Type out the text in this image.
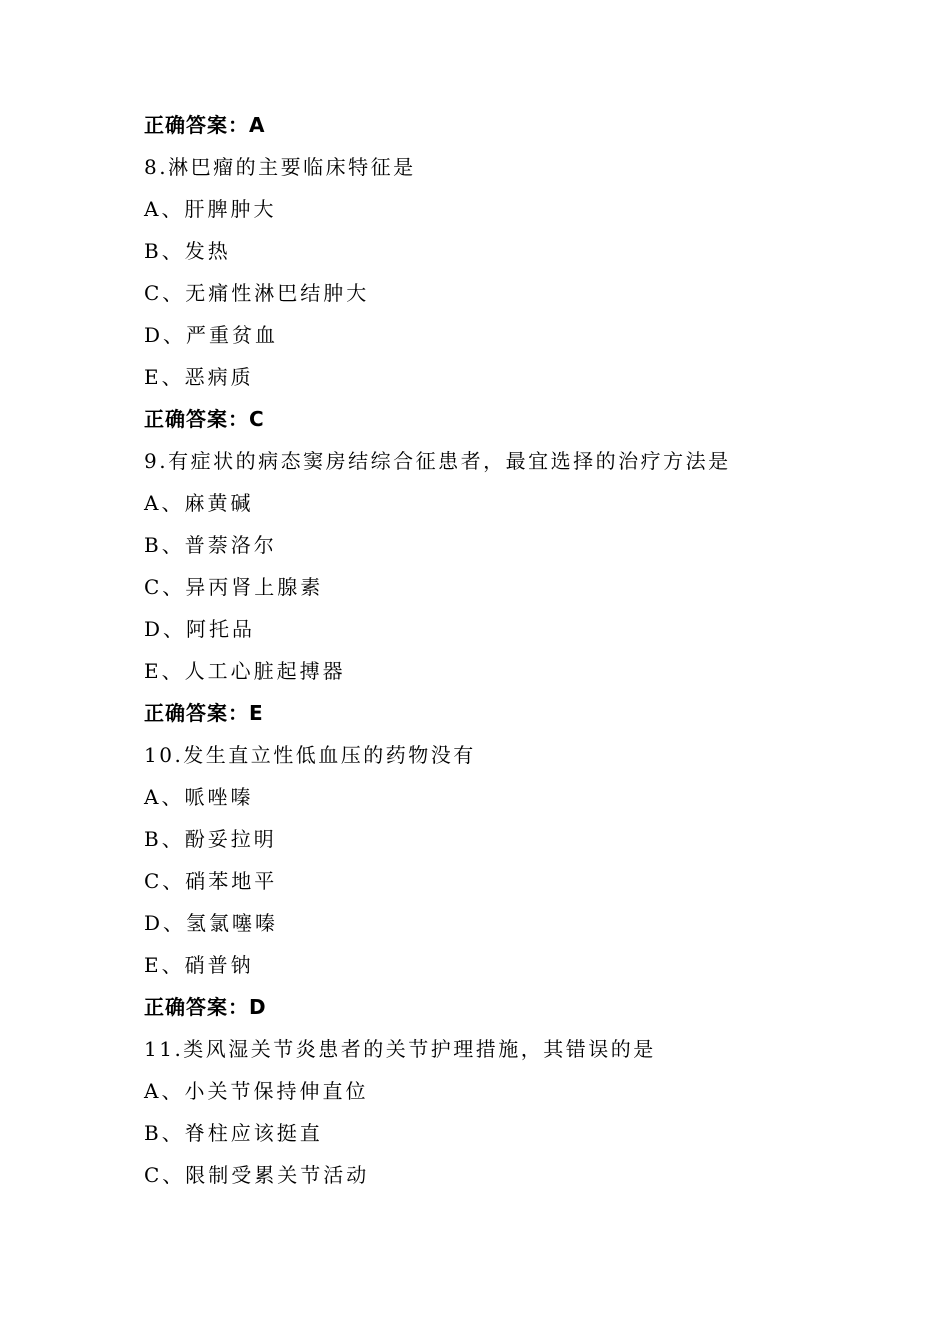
正确答案：A
8.淋巴瘤的主要临床特征是
A、肝脾肿大
B、发热
C、无痛性淋巴结肿大
D、严重贫血
E、恶病质
正确答案：C
9.有症状的病态窦房结综合征患者，最宜选择的治疗方法是
A、麻黄碱
B、普萘洛尔
C、异丙肾上腺素
D、阿托品
E、人工心脏起搏器
正确答案：E
10.发生直立性低血压的药物没有
A、哌唑嗪
B、酚妥拉明
C、硝苯地平
D、氢氯噻嗪
E、硝普钠
正确答案：D
11.类风湿关节炎患者的关节护理措施，其错误的是
A、小关节保持伸直位
B、脊柱应该挺直
C、限制受累关节活动
